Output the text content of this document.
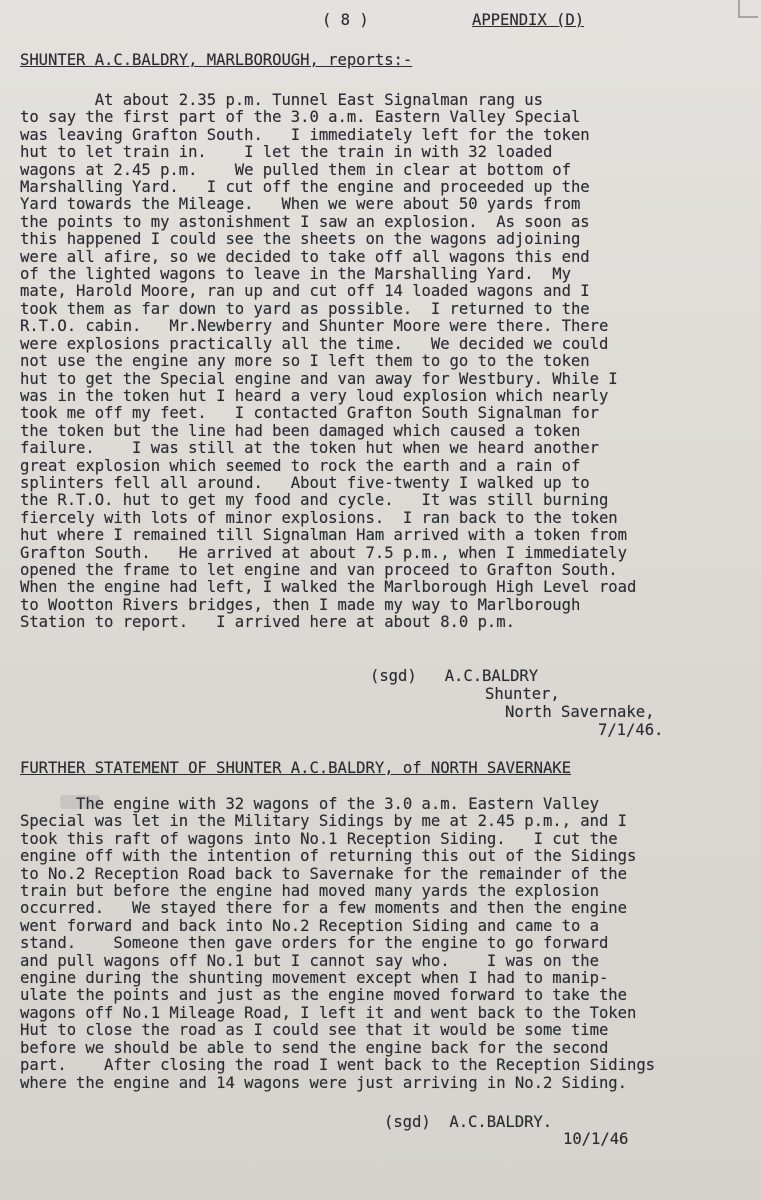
( 8 )	APPENDIX (D)
SHUNTER A.C.BALDRY, MARLBOROUGH, reports:-
At about 2.35 p.m. Tunnel East Signalman rang us
to say the first part of the 3.0 a.m. Eastern Valley Special
was leaving Grafton South.   I immediately left for the token
hut to let train in.    I let the train in with 32 loaded
wagons at 2.45 p.m.    We pulled them in clear at bottom of
Marshalling Yard.   I cut off the engine and proceeded up the
Yard towards the Mileage.   When we were about 50 yards from
the points to my astonishment I saw an explosion.  As soon as
this happened I could see the sheets on the wagons adjoining
were all afire, so we decided to take off all wagons this end
of the lighted wagons to leave in the Marshalling Yard.  My
mate, Harold Moore, ran up and cut off 14 loaded wagons and I
took them as far down to yard as possible.  I returned to the
R.T.O. cabin.   Mr.Newberry and Shunter Moore were there. There
were explosions practically all the time.   We decided we could
not use the engine any more so I left them to go to the token
hut to get the Special engine and van away for Westbury. While I
was in the token hut I heard a very loud explosion which nearly
took me off my feet.   I contacted Grafton South Signalman for
the token but the line had been damaged which caused a token
failure.    I was still at the token hut when we heard another
great explosion which seemed to rock the earth and a rain of
splinters fell all around.   About five-twenty I walked up to
the R.T.O. hut to get my food and cycle.   It was still burning
fiercely with lots of minor explosions.  I ran back to the token
hut where I remained till Signalman Ham arrived with a token from
Grafton South.   He arrived at about 7.5 p.m., when I immediately
opened the frame to let engine and van proceed to Grafton South.
When the engine had left, I walked the Marlborough High Level road
to Wootton Rivers bridges, then I made my way to Marlborough
Station to report.   I arrived here at about 8.0 p.m.
(sgd)   A.C.BALDRY
Shunter,
North Savernake,
7/1/46.
FURTHER STATEMENT OF SHUNTER A.C.BALDRY, of NORTH SAVERNAKE
The engine with 32 wagons of the 3.0 a.m. Eastern Valley
Special was let in the Military Sidings by me at 2.45 p.m., and I
took this raft of wagons into No.1 Reception Siding.   I cut the
engine off with the intention of returning this out of the Sidings
to No.2 Reception Road back to Savernake for the remainder of the
train but before the engine had moved many yards the explosion
occurred.   We stayed there for a few moments and then the engine
went forward and back into No.2 Reception Siding and came to a
stand.    Someone then gave orders for the engine to go forward
and pull wagons off No.1 but I cannot say who.    I was on the
engine during the shunting movement except when I had to manip-
ulate the points and just as the engine moved forward to take the
wagons off No.1 Mileage Road, I left it and went back to the Token
Hut to close the road as I could see that it would be some time
before we should be able to send the engine back for the second
part.    After closing the road I went back to the Reception Sidings
where the engine and 14 wagons were just arriving in No.2 Siding.
(sgd)  A.C.BALDRY.
10/1/46
